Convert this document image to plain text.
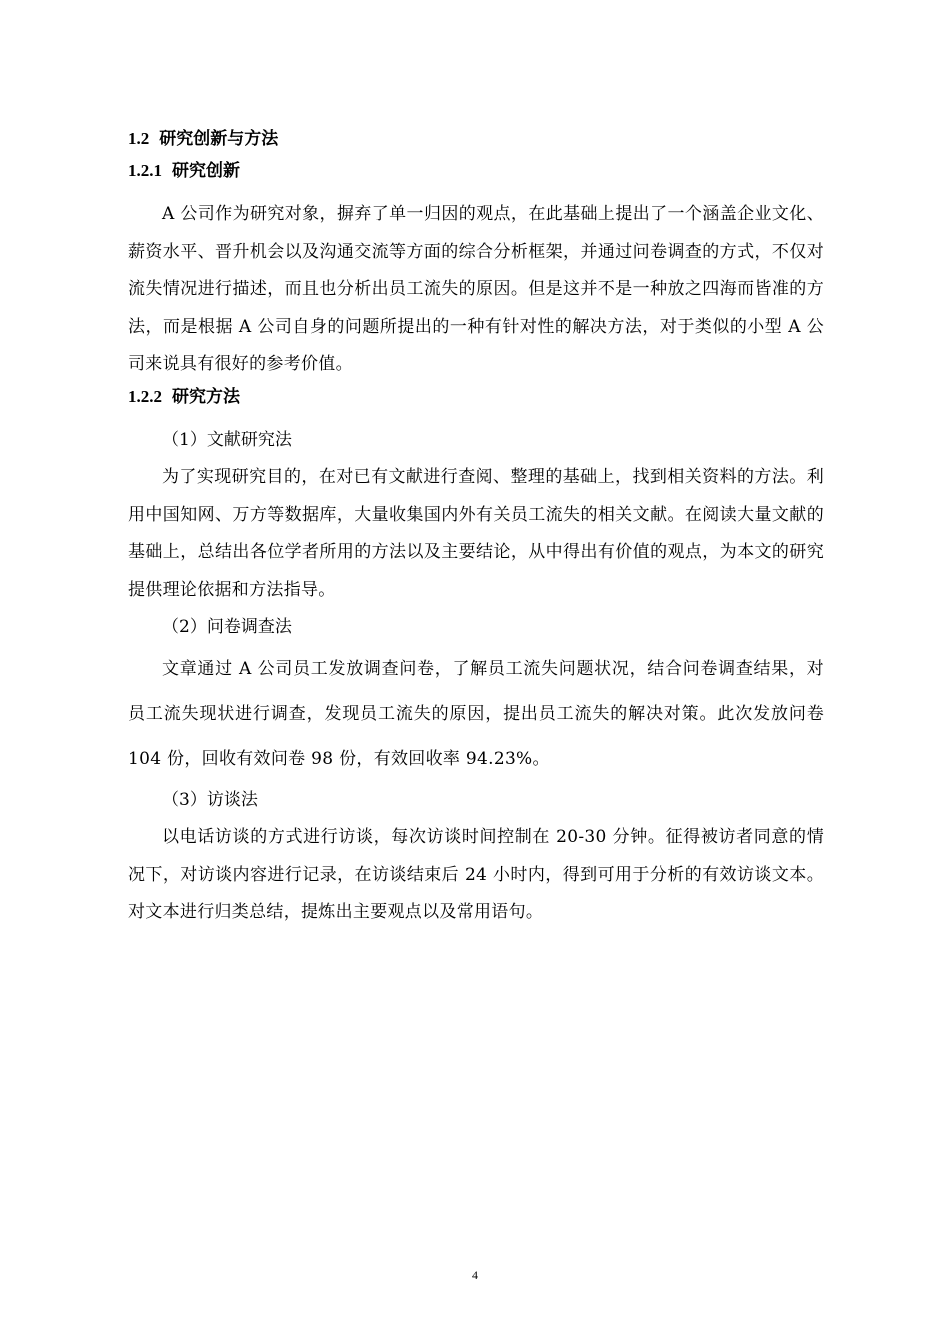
1.2 研究创新与方法
1.2.1 研究创新

A 公司作为研究对象，摒弃了单一归因的观点，在此基础上提出了一个涵盖企业文化、薪资水平、晋升机会以及沟通交流等方面的综合分析框架，并通过问卷调查的方式，不仅对流失情况进行描述，而且也分析出员工流失的原因。但是这并不是一种放之四海而皆准的方法，而是根据 A 公司自身的问题所提出的一种有针对性的解决方法，对于类似的小型 A 公司来说具有很好的参考价值。

1.2.2 研究方法

（1）文献研究法

为了实现研究目的，在对已有文献进行查阅、整理的基础上，找到相关资料的方法。利用中国知网、万方等数据库，大量收集国内外有关员工流失的相关文献。在阅读大量文献的基础上，总结出各位学者所用的方法以及主要结论，从中得出有价值的观点，为本文的研究提供理论依据和方法指导。

（2）问卷调查法

文章通过 A 公司员工发放调查问卷，了解员工流失问题状况，结合问卷调查结果，对员工流失现状进行调查，发现员工流失的原因，提出员工流失的解决对策。此次发放问卷 104 份，回收有效问卷 98 份，有效回收率 94.23%。

（3）访谈法

以电话访谈的方式进行访谈，每次访谈时间控制在 20-30 分钟。征得被访者同意的情况下，对访谈内容进行记录，在访谈结束后 24 小时内，得到可用于分析的有效访谈文本。对文本进行归类总结，提炼出主要观点以及常用语句。

4
